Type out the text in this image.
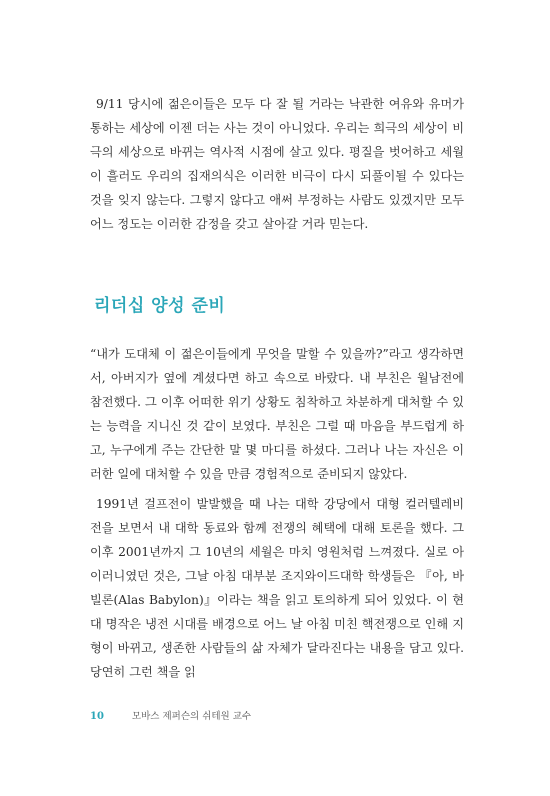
9/11 당시에 젊은이들은 모두 다 잘 될 거라는 낙관한 여유와 유머가 통하는 세상에 이젠 더는 사는 것이 아니었다. 우리는 희극의 세상이 비극의 세상으로 바뀌는 역사적 시점에 살고 있다. 평질을 벗어하고 세월이 흘러도 우리의 집재의식은 이러한 비극이 다시 되풀이될 수 있다는 것을 잊지 않는다. 그렇지 않다고 애써 부정하는 사람도 있겠지만 모두 어느 정도는 이러한 감정을 갖고 살아갈 거라 믿는다.

리더십 양성 준비

“내가 도대체 이 젊은이들에게 무엇을 말할 수 있을까?”라고 생각하면서, 아버지가 옆에 계셨다면 하고 속으로 바랐다. 내 부친은 월남전에 참전했다. 그 이후 어떠한 위기 상황도 침착하고 차분하게 대처할 수 있는 능력을 지니신 것 같이 보였다. 부친은 그럴 때 마음을 부드럽게 하고, 누구에게 주는 간단한 말 몇 마디를 하셨다. 그러나 나는 자신은 이러한 일에 대처할 수 있을 만큼 경험적으로 준비되지 않았다.

1991년 걸프전이 발발했을 때 나는 대학 강당에서 대형 컬러텔레비전을 보면서 내 대학 동료와 함께 전쟁의 혜택에 대해 토론을 했다. 그 이후 2001년까지 그 10년의 세월은 마치 영원처럼 느껴졌다. 실로 아이러니였던 것은, 그날 아침 대부분 조지와이드대학 학생들은 『아, 바빌론(Alas Babylon)』이라는 책을 읽고 토의하게 되어 있었다. 이 현대 명작은 냉전 시대를 배경으로 어느 날 아침 미친 핵전쟁으로 인해 지형이 바뀌고, 생존한 사람들의 삶 자체가 달라진다는 내용을 담고 있다. 당연히 그런 책을 읽

10	모바스 제퍼슨의 쉬테원 교수
